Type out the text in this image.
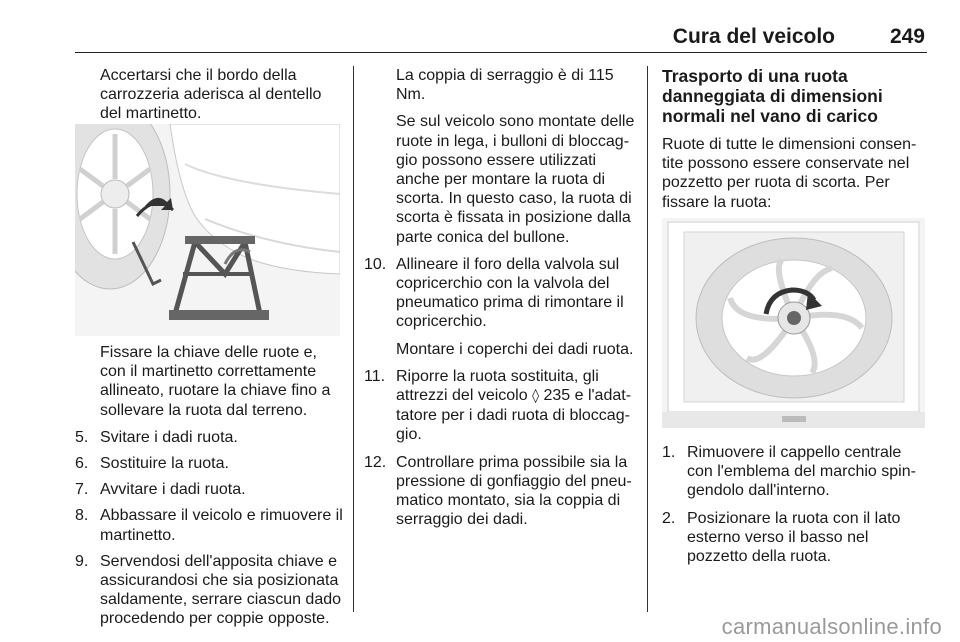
Cura del veicolo	249

Accertarsi che il bordo della carrozzeria aderisca al dentello del martinetto.

Fissare la chiave delle ruote e, con il martinetto correttamente allineato, ruotare la chiave fino a sollevare la ruota dal terreno.

5. Svitare i dadi ruota.

6. Sostituire la ruota.

7. Avvitare i dadi ruota.

8. Abbassare il veicolo e rimuovere il martinetto.

9. Servendosi dell'apposita chiave e assicurandosi che sia posizionata saldamente, serrare ciascun dado procedendo per coppie opposte.

La coppia di serraggio è di 115 Nm.

Se sul veicolo sono montate delle ruote in lega, i bulloni di bloccag-gio possono essere utilizzati anche per montare la ruota di scorta. In questo caso, la ruota di scorta è fissata in posizione dalla parte conica del bullone.

10. Allineare il foro della valvola sul copricerchio con la valvola del pneumatico prima di rimontare il copricerchio.

Montare i coperchi dei dadi ruota.

11. Riporre la ruota sostituita, gli attrezzi del veicolo ◊ 235 e l'adat-tatore per i dadi ruota di bloccag-gio.

12. Controllare prima possibile sia la pressione di gonfiaggio del pneu-matico montato, sia la coppia di serraggio dei dadi.

Trasporto di una ruota danneggiata di dimensioni normali nel vano di carico

Ruote di tutte le dimensioni consen-tite possono essere conservate nel pozzetto per ruota di scorta. Per fissare la ruota:

1. Rimuovere il cappello centrale con l'emblema del marchio spin-gendolo dall'interno.

2. Posizionare la ruota con il lato esterno verso il basso nel pozzetto della ruota.

carmanualsonline.info
